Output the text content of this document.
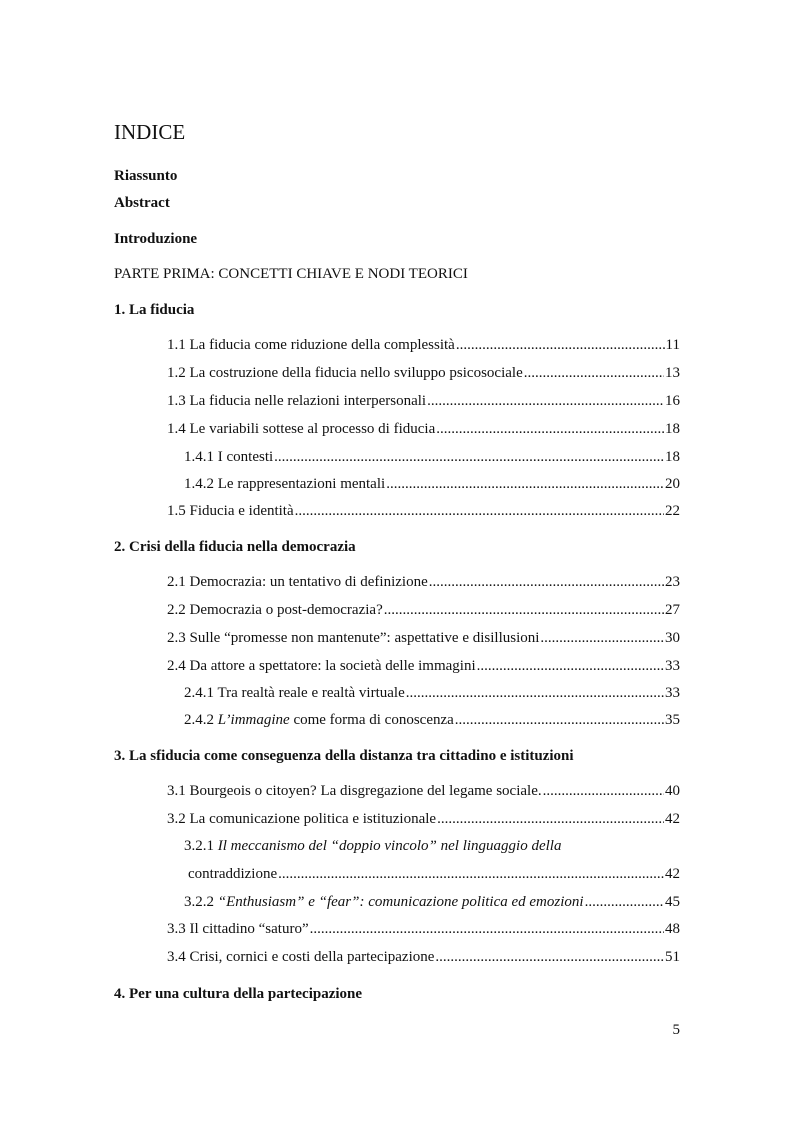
INDICE
Riassunto
Abstract
Introduzione
PARTE PRIMA: CONCETTI CHIAVE E NODI TEORICI
1. La fiducia
1.1 La fiducia come riduzione della complessità .....	11
1.2 La costruzione della fiducia nello sviluppo psicosociale .....	13
1.3 La fiducia nelle relazioni interpersonali .....	16
1.4 Le variabili sottese al processo di fiducia .....	18
1.4.1 I contesti .....	18
1.4.2 Le rappresentazioni mentali .....	20
1.5 Fiducia e identità .....	22
2. Crisi della fiducia nella democrazia
2.1 Democrazia: un tentativo di definizione .....	23
2.2 Democrazia o post-democrazia? .....	27
2.3 Sulle “promesse non mantenute”: aspettative e disillusioni .....	30
2.4 Da attore a spettatore: la società delle immagini .....	33
2.4.1 Tra realtà reale e realtà virtuale .....	33
2.4.2 L’immagine come forma di conoscenza .....	35
3. La sfiducia come conseguenza della distanza tra cittadino e istituzioni
3.1 Bourgeois o citoyen? La disgregazione del legame sociale. .....	40
3.2 La comunicazione politica e istituzionale .....	42
3.2.1 Il meccanismo del “doppio vincolo” nel linguaggio della
contraddizione .....	42
3.2.2 “Enthusiasm” e “fear”: comunicazione politica ed emozioni .....	45
3.3 Il cittadino “saturo” .....	48
3.4 Crisi, cornici e costi della partecipazione .....	51
4. Per una cultura della partecipazione
5
